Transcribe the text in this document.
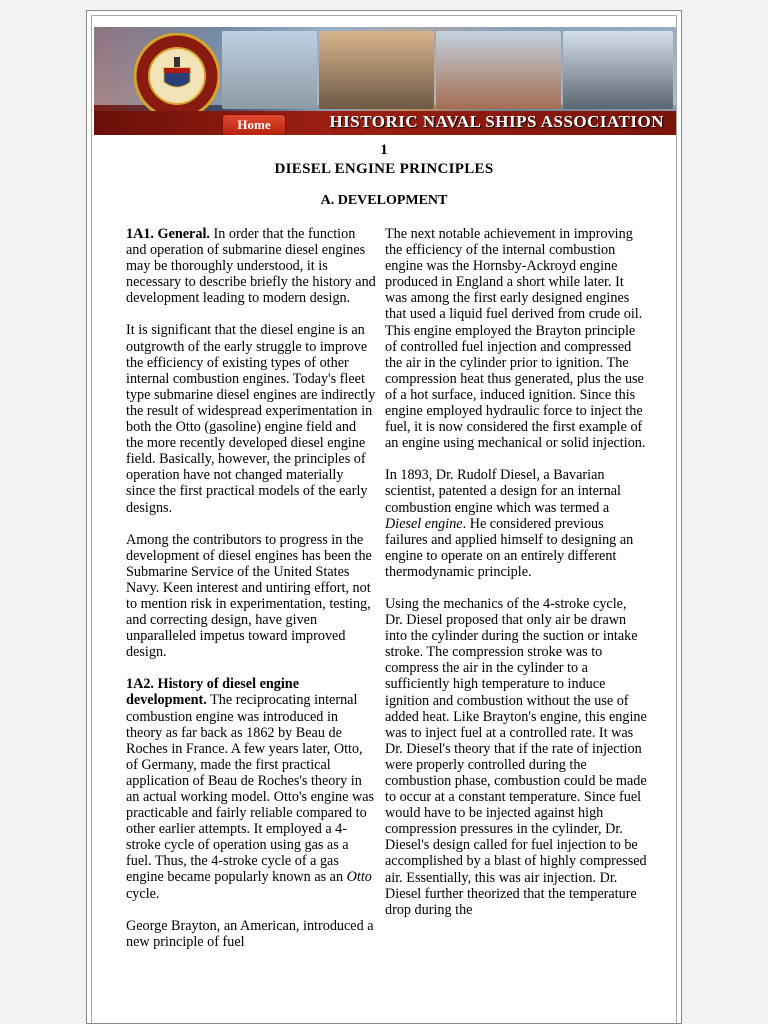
Home	HISTORIC NAVAL SHIPS ASSOCIATION
1
DIESEL ENGINE PRINCIPLES
A. DEVELOPMENT

1A1. General. In order that the function and operation of submarine diesel engines may be thoroughly understood, it is necessary to describe briefly the history and development leading to modern design.

It is significant that the diesel engine is an outgrowth of the early struggle to improve the efficiency of existing types of other internal combustion engines. Today's fleet type submarine diesel engines are indirectly the result of widespread experimentation in both the Otto (gasoline) engine field and the more recently developed diesel engine field. Basically, however, the principles of operation have not changed materially since the first practical models of the early designs.

Among the contributors to progress in the development of diesel engines has been the Submarine Service of the United States Navy. Keen interest and untiring effort, not to mention risk in experimentation, testing, and correcting design, have given unparalleled impetus toward improved design.

1A2. History of diesel engine development. The reciprocating internal combustion engine was introduced in theory as far back as 1862 by Beau de Roches in France. A few years later, Otto, of Germany, made the first practical application of Beau de Roches's theory in an actual working model. Otto's engine was practicable and fairly reliable compared to other earlier attempts. It employed a 4-stroke cycle of operation using gas as a fuel. Thus, the 4-stroke cycle of a gas engine became popularly known as an Otto cycle.

George Brayton, an American, introduced a new principle of fuel

The next notable achievement in improving the efficiency of the internal combustion engine was the Hornsby-Ackroyd engine produced in England a short while later. It was among the first early designed engines that used a liquid fuel derived from crude oil. This engine employed the Brayton principle of controlled fuel injection and compressed the air in the cylinder prior to ignition. The compression heat thus generated, plus the use of a hot surface, induced ignition. Since this engine employed hydraulic force to inject the fuel, it is now considered the first example of an engine using mechanical or solid injection.

In 1893, Dr. Rudolf Diesel, a Bavarian scientist, patented a design for an internal combustion engine which was termed a Diesel engine. He considered previous failures and applied himself to designing an engine to operate on an entirely different thermodynamic principle.

Using the mechanics of the 4-stroke cycle, Dr. Diesel proposed that only air be drawn into the cylinder during the suction or intake stroke. The compression stroke was to compress the air in the cylinder to a sufficiently high temperature to induce ignition and combustion without the use of added heat. Like Brayton's engine, this engine was to inject fuel at a controlled rate. It was Dr. Diesel's theory that if the rate of injection were properly controlled during the combustion phase, combustion could be made to occur at a constant temperature. Since fuel would have to be injected against high compression pressures in the cylinder, Dr. Diesel's design called for fuel injection to be accomplished by a blast of highly compressed air. Essentially, this was air injection. Dr. Diesel further theorized that the temperature drop during the
